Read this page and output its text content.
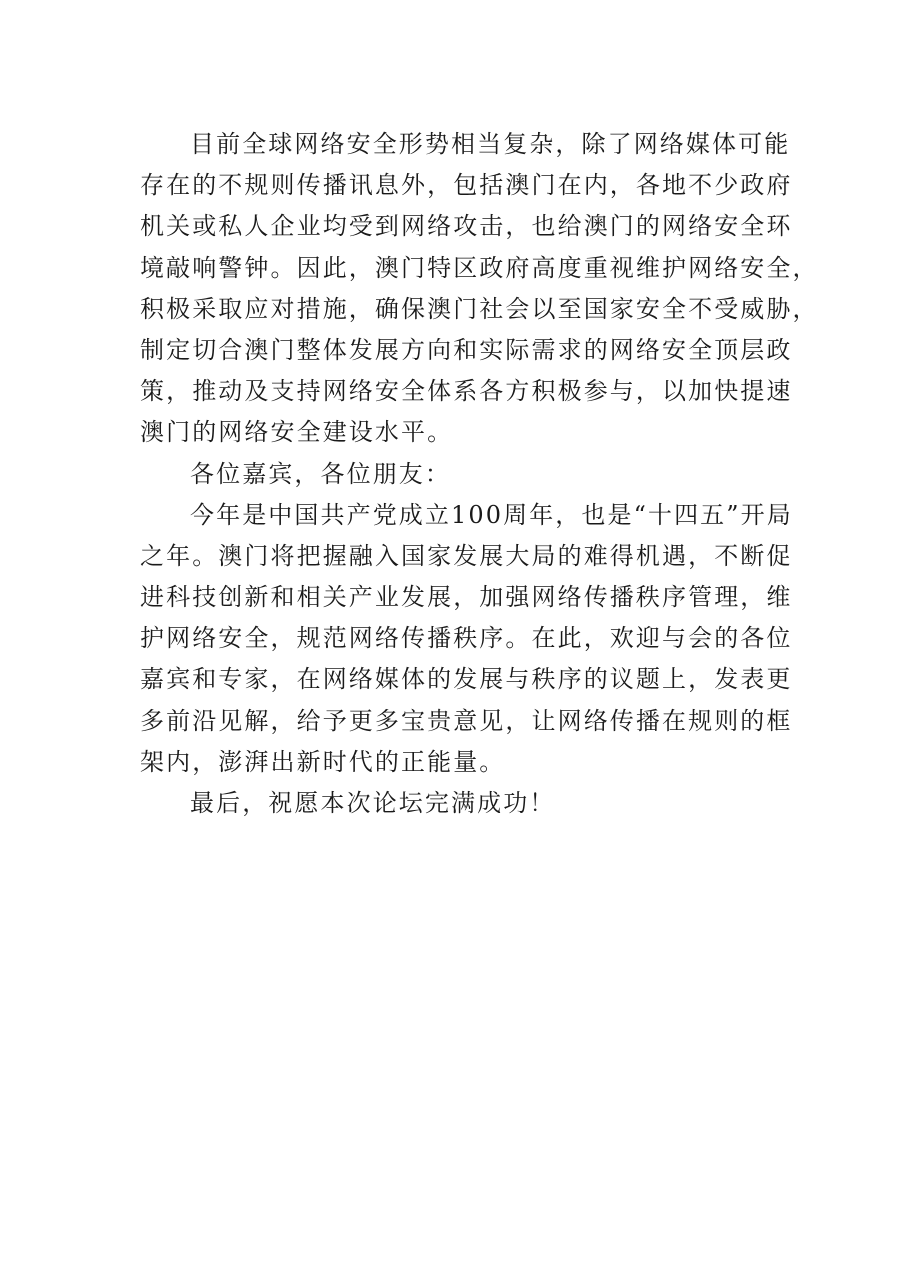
目前全球网络安全形势相当复杂，除了网络媒体可能
存在的不规则传播讯息外，包括澳门在内，各地不少政府
机关或私人企业均受到网络攻击，也给澳门的网络安全环
境敲响警钟。因此，澳门特区政府高度重视维护网络安全，
积极采取应对措施，确保澳门社会以至国家安全不受威胁，
制定切合澳门整体发展方向和实际需求的网络安全顶层政
策，推动及支持网络安全体系各方积极参与，以加快提速
澳门的网络安全建设水平。
各位嘉宾，各位朋友：
今年是中国共产党成立100周年，也是“十四五”开局
之年。澳门将把握融入国家发展大局的难得机遇，不断促
进科技创新和相关产业发展，加强网络传播秩序管理，维
护网络安全，规范网络传播秩序。在此，欢迎与会的各位
嘉宾和专家，在网络媒体的发展与秩序的议题上，发表更
多前沿见解，给予更多宝贵意见，让网络传播在规则的框
架内，澎湃出新时代的正能量。
最后，祝愿本次论坛完满成功！
